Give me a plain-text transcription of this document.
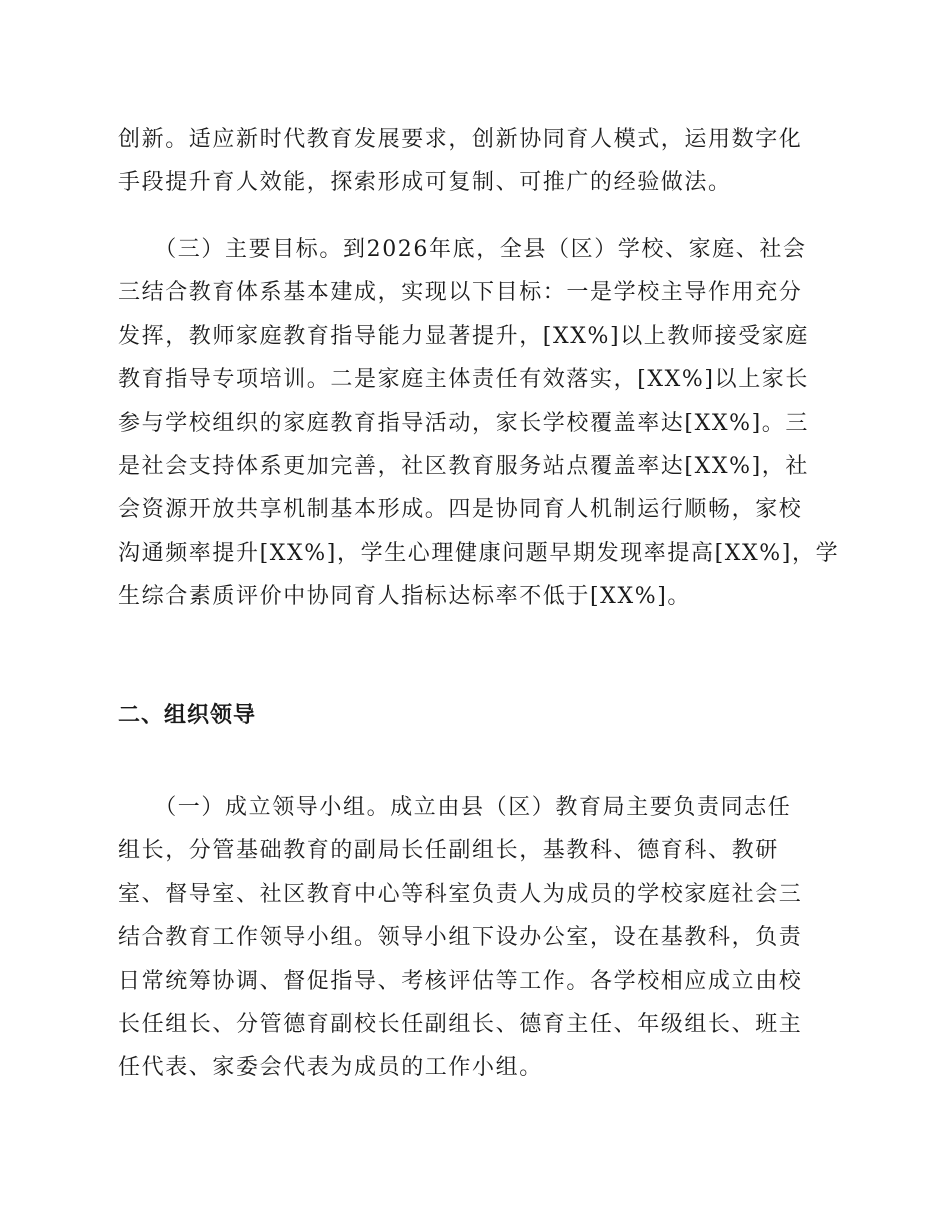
创新。适应新时代教育发展要求，创新协同育人模式，运用数字化
手段提升育人效能，探索形成可复制、可推广的经验做法。

　　（三）主要目标。到2026年底，全县（区）学校、家庭、社会
三结合教育体系基本建成，实现以下目标：一是学校主导作用充分
发挥，教师家庭教育指导能力显著提升，[XX%]以上教师接受家庭
教育指导专项培训。二是家庭主体责任有效落实，[XX%]以上家长
参与学校组织的家庭教育指导活动，家长学校覆盖率达[XX%]。三
是社会支持体系更加完善，社区教育服务站点覆盖率达[XX%]，社
会资源开放共享机制基本形成。四是协同育人机制运行顺畅，家校
沟通频率提升[XX%]，学生心理健康问题早期发现率提高[XX%]，学
生综合素质评价中协同育人指标达标率不低于[XX%]。

二、组织领导

　　（一）成立领导小组。成立由县（区）教育局主要负责同志任
组长，分管基础教育的副局长任副组长，基教科、德育科、教研
室、督导室、社区教育中心等科室负责人为成员的学校家庭社会三
结合教育工作领导小组。领导小组下设办公室，设在基教科，负责
日常统筹协调、督促指导、考核评估等工作。各学校相应成立由校
长任组长、分管德育副校长任副组长、德育主任、年级组长、班主
任代表、家委会代表为成员的工作小组。
